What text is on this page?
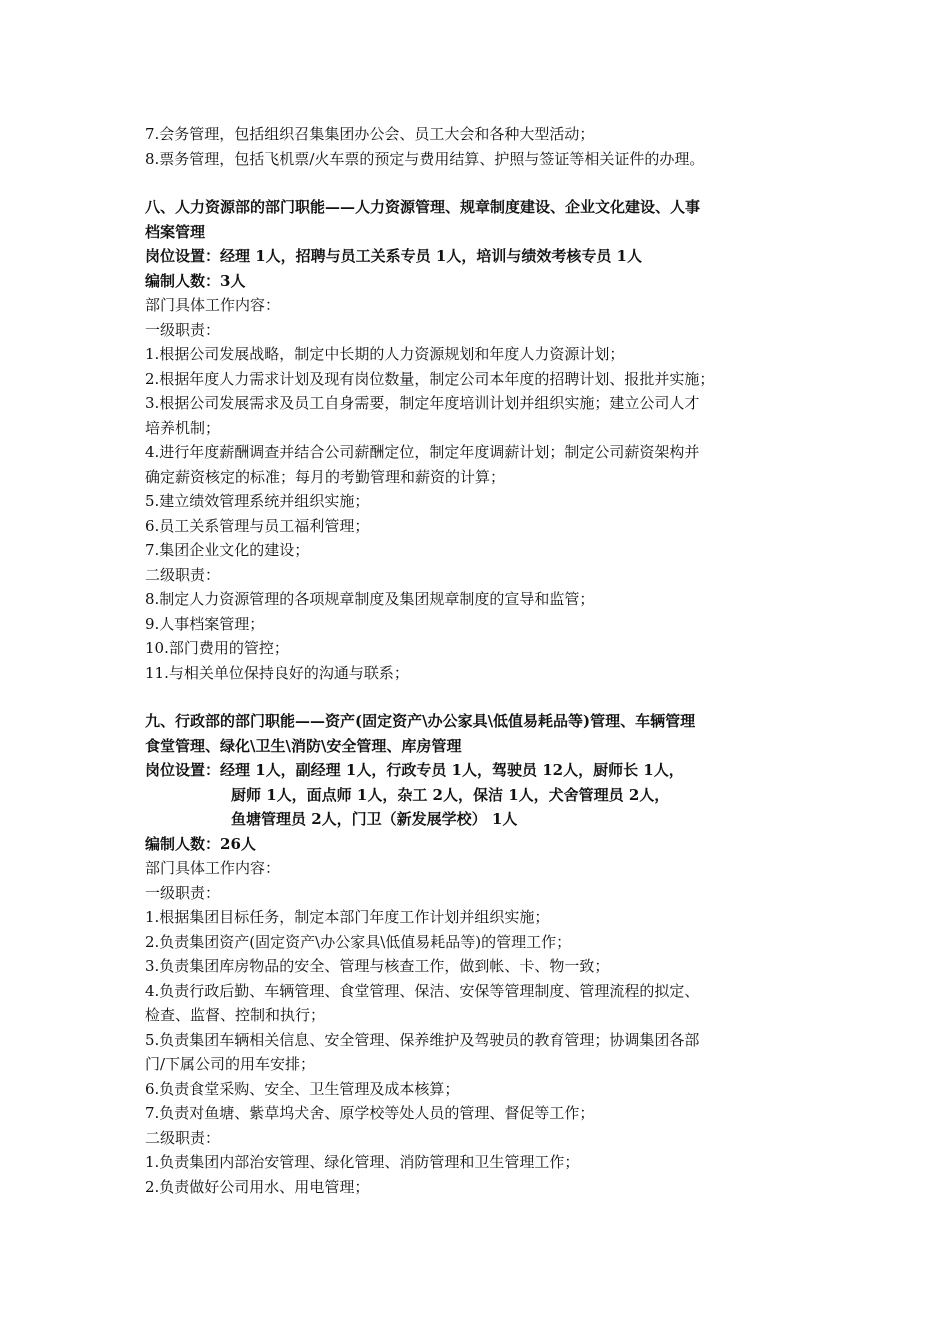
7.会务管理，包括组织召集集团办公会、员工大会和各种大型活动；

8.票务管理，包括飞机票/火车票的预定与费用结算、护照与签证等相关证件的办理。

八、人力资源部的部门职能——人力资源管理、规章制度建设、企业文化建设、人事

档案管理

岗位设置：经理 1人，招聘与员工关系专员 1人，培训与绩效考核专员 1人

编制人数：3人

部门具体工作内容：

一级职责：

1.根据公司发展战略，制定中长期的人力资源规划和年度人力资源计划；

2.根据年度人力需求计划及现有岗位数量，制定公司本年度的招聘计划、报批并实施；

3.根据公司发展需求及员工自身需要，制定年度培训计划并组织实施；建立公司人才

培养机制；

4.进行年度薪酬调查并结合公司薪酬定位，制定年度调薪计划；制定公司薪资架构并

确定薪资核定的标准；每月的考勤管理和薪资的计算；

5.建立绩效管理系统并组织实施；

6.员工关系管理与员工福利管理；

7.集团企业文化的建设；

二级职责：

8.制定人力资源管理的各项规章制度及集团规章制度的宣导和监管；

9.人事档案管理；

10.部门费用的管控；

11.与相关单位保持良好的沟通与联系；

九、行政部的部门职能——资产(固定资产\办公家具\低值易耗品等)管理、车辆管理

食堂管理、绿化\卫生\消防\安全管理、库房管理

岗位设置：经理 1人，副经理 1人，行政专员 1人，驾驶员 12人，厨师长 1人，

厨师 1人，面点师 1人，杂工 2人，保洁 1人，犬舍管理员 2人，

鱼塘管理员 2人，门卫（新发展学校） 1人

编制人数：26人

部门具体工作内容：

一级职责：

1.根据集团目标任务，制定本部门年度工作计划并组织实施；

2.负责集团资产(固定资产\办公家具\低值易耗品等)的管理工作；

3.负责集团库房物品的安全、管理与核查工作，做到帐、卡、物一致；

4.负责行政后勤、车辆管理、食堂管理、保洁、安保等管理制度、管理流程的拟定、

检查、监督、控制和执行；

5.负责集团车辆相关信息、安全管理、保养维护及驾驶员的教育管理；协调集团各部

门/下属公司的用车安排；

6.负责食堂采购、安全、卫生管理及成本核算；

7.负责对鱼塘、紫草坞犬舍、原学校等处人员的管理、督促等工作；

二级职责：

1.负责集团内部治安管理、绿化管理、消防管理和卫生管理工作；

2.负责做好公司用水、用电管理；
